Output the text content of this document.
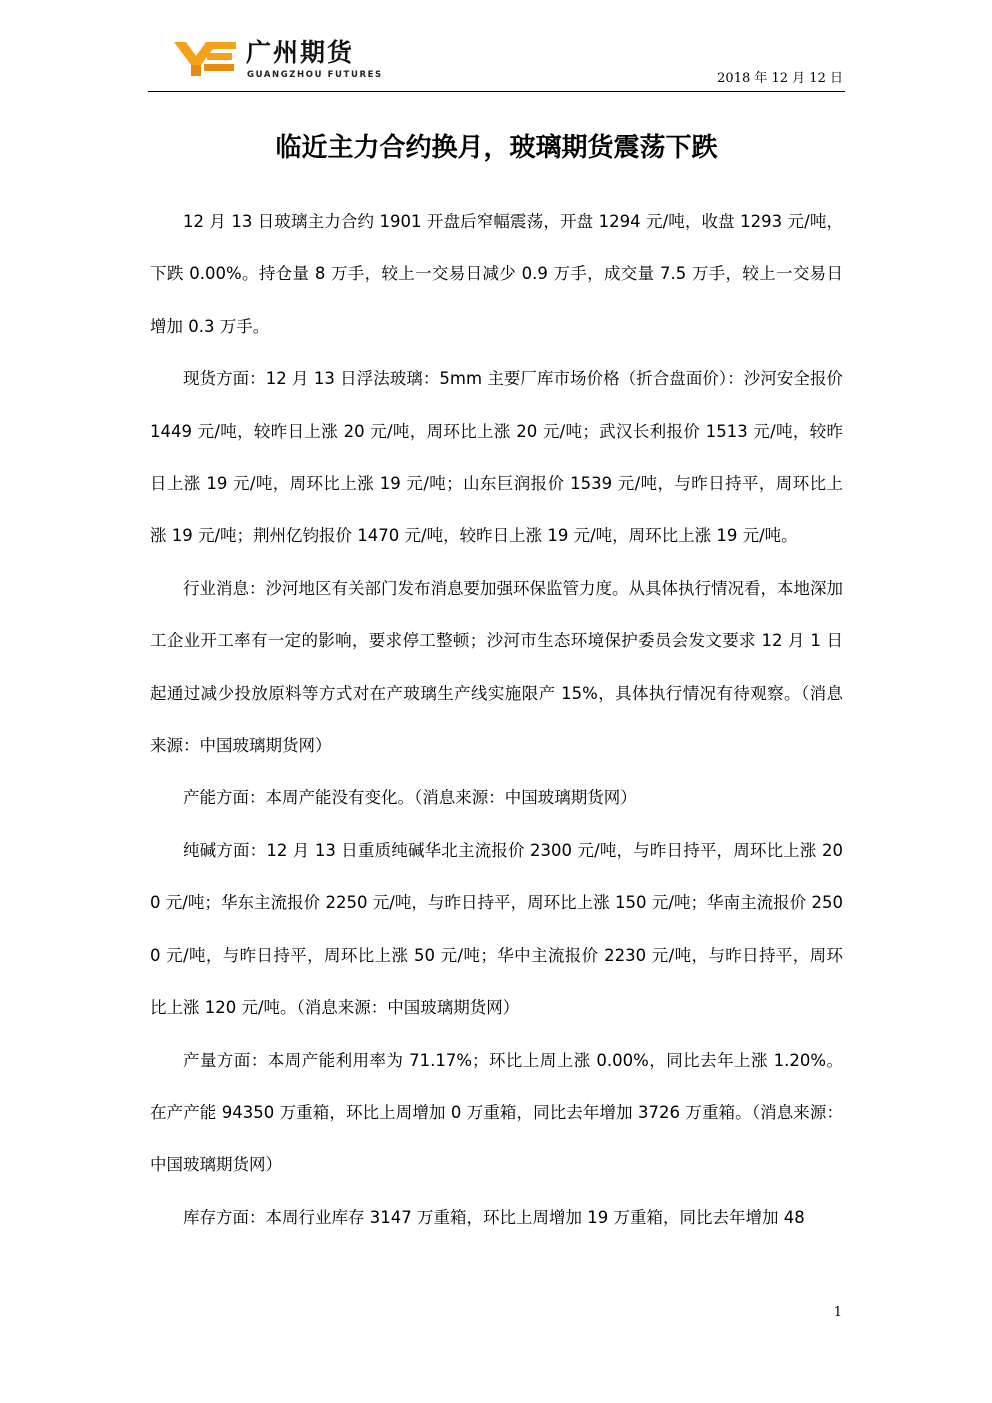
广州期货
GUANGZHOU FUTURES	2018 年 12 月 12 日
临近主力合约换月，玻璃期货震荡下跌

12 月 13 日玻璃主力合约 1901 开盘后窄幅震荡，开盘 1294 元/吨，收盘 1293 元/吨，下跌 0.00%。持仓量 8 万手，较上一交易日减少 0.9 万手，成交量 7.5 万手，较上一交易日增加 0.3 万手。

现货方面：12 月 13 日浮法玻璃：5mm 主要厂库市场价格（折合盘面价）：沙河安全报价 1449 元/吨，较昨日上涨 20 元/吨，周环比上涨 20 元/吨；武汉长利报价 1513 元/吨，较昨日上涨 19 元/吨，周环比上涨 19 元/吨；山东巨润报价 1539 元/吨，与昨日持平，周环比上涨 19 元/吨；荆州亿钧报价 1470 元/吨，较昨日上涨 19 元/吨，周环比上涨 19 元/吨。

行业消息：沙河地区有关部门发布消息要加强环保监管力度。从具体执行情况看，本地深加工企业开工率有一定的影响，要求停工整顿；沙河市生态环境保护委员会发文要求 12 月 1 日起通过减少投放原料等方式对在产玻璃生产线实施限产 15%，具体执行情况有待观察。（消息来源：中国玻璃期货网）

产能方面：本周产能没有变化。（消息来源：中国玻璃期货网）

纯碱方面：12 月 13 日重质纯碱华北主流报价 2300 元/吨，与昨日持平，周环比上涨 200 元/吨；华东主流报价 2250 元/吨，与昨日持平，周环比上涨 150 元/吨；华南主流报价 2500 元/吨，与昨日持平，周环比上涨 50 元/吨；华中主流报价 2230 元/吨，与昨日持平，周环比上涨 120 元/吨。（消息来源：中国玻璃期货网）

产量方面：本周产能利用率为 71.17%；环比上周上涨 0.00%，同比去年上涨 1.20%。在产产能 94350 万重箱，环比上周增加 0 万重箱，同比去年增加 3726 万重箱。（消息来源：中国玻璃期货网）

库存方面：本周行业库存 3147 万重箱，环比上周增加 19 万重箱，同比去年增加 48

1
